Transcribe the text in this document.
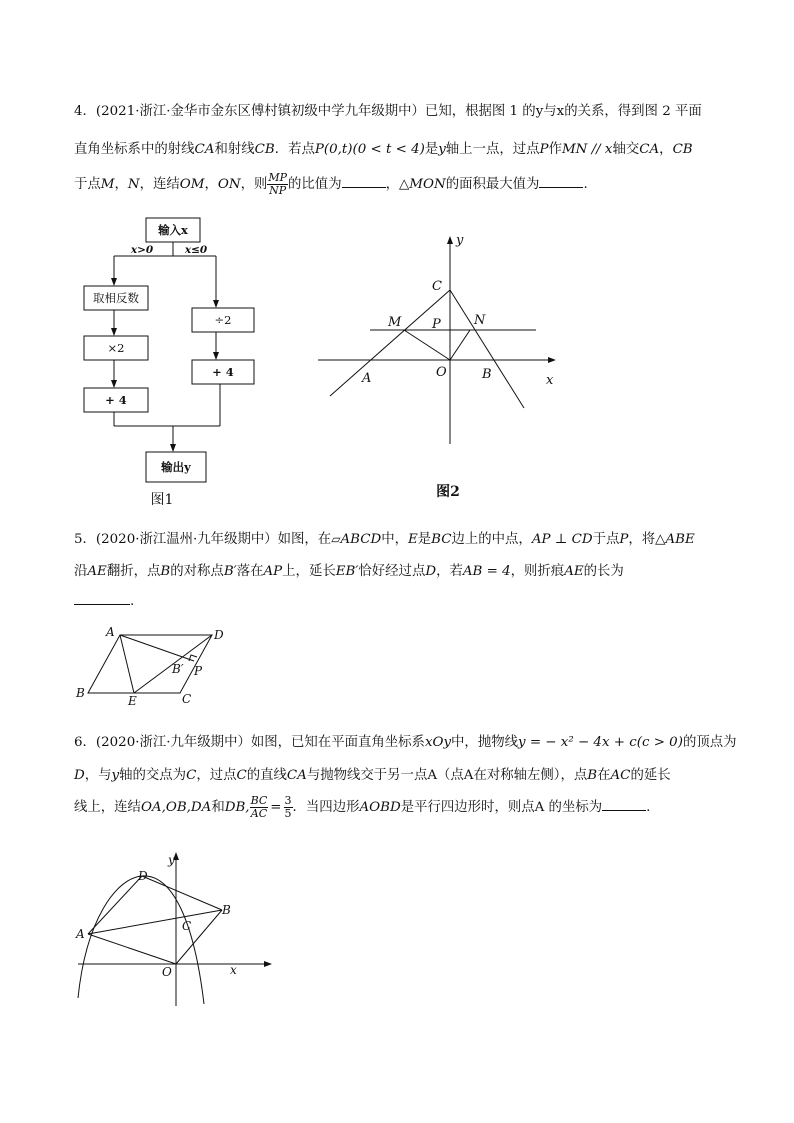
4．(2021·浙江·金华市金东区傅村镇初级中学九年级期中）已知，根据图 1 的y与x的关系，得到图 2 平面
直角坐标系中的射线CA和射线CB．若点P(0,t)(0 < t < 4)是y轴上一点，过点P作MN // x轴交CA，CB
于点M，N，连结OM，ON，则 $\frac{MP}{NP}$ 的比值为	，△MON的面积最大值为	.
输入x
x>0	x≤0
取相反数
×2
+ 4
÷2
+ 4
输出y
图1
y
x
C
M P	N
A	O	B
图2
5．(2020·浙江温州·九年级期中）如图，在▱ABCD中，E是BC边上的中点，AP ⊥ CD于点P，将△ABE
沿AE翻折，点B的对称点B′落在AP上，延长EB′恰好经过点D，若AB = 4，则折痕AE的长为
.
A	D
B
E	C
B′ P
6．(2020·浙江·九年级期中）如图，已知在平面直角坐标系xOy中，抛物线y = − x² − 4x + c(c > 0)的顶点为
D，与y轴的交点为C，过点C的直线CA与抛物线交于另一点A（点A在对称轴左侧），点B在AC的延长
线上，连结OA,OB,DA和DB, $\frac{BC}{AC} = \frac{3}{5}$ ．当四边形AOBD是平行四边形时，则点A 的坐标为	.
y
x
D
B
C
A
O
